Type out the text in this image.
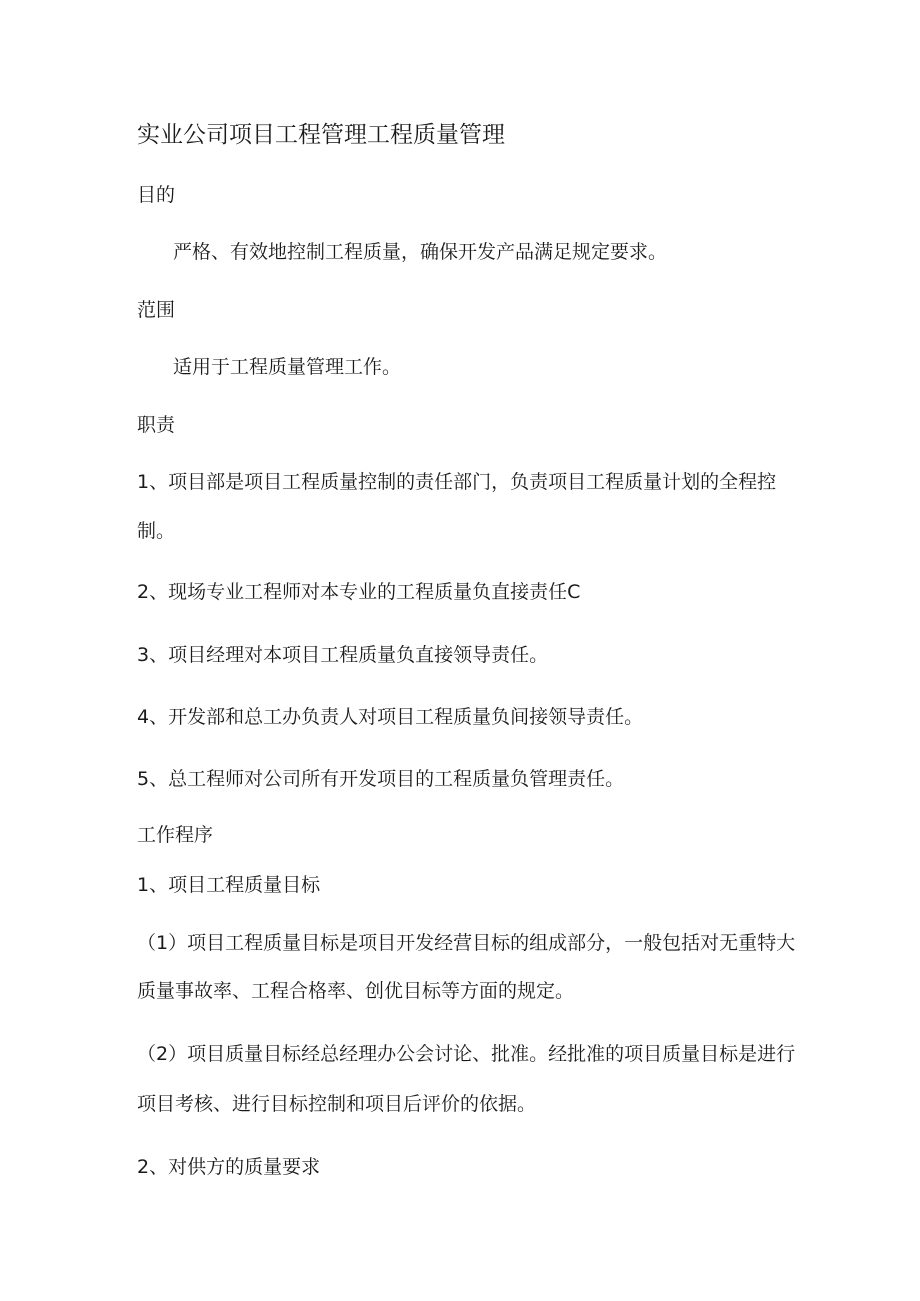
实业公司项目工程管理工程质量管理
目的
严格、有效地控制工程质量，确保开发产品满足规定要求。
范围
适用于工程质量管理工作。
职责
1、项目部是项目工程质量控制的责任部门，负责项目工程质量计划的全程控
制。
2、现场专业工程师对本专业的工程质量负直接责任C
3、项目经理对本项目工程质量负直接领导责任。
4、开发部和总工办负责人对项目工程质量负间接领导责任。
5、总工程师对公司所有开发项目的工程质量负管理责任。
工作程序
1、项目工程质量目标
（1）项目工程质量目标是项目开发经营目标的组成部分，一般包括对无重特大
质量事故率、工程合格率、创优目标等方面的规定。
（2）项目质量目标经总经理办公会讨论、批准。经批准的项目质量目标是进行
项目考核、进行目标控制和项目后评价的依据。
2、对供方的质量要求
